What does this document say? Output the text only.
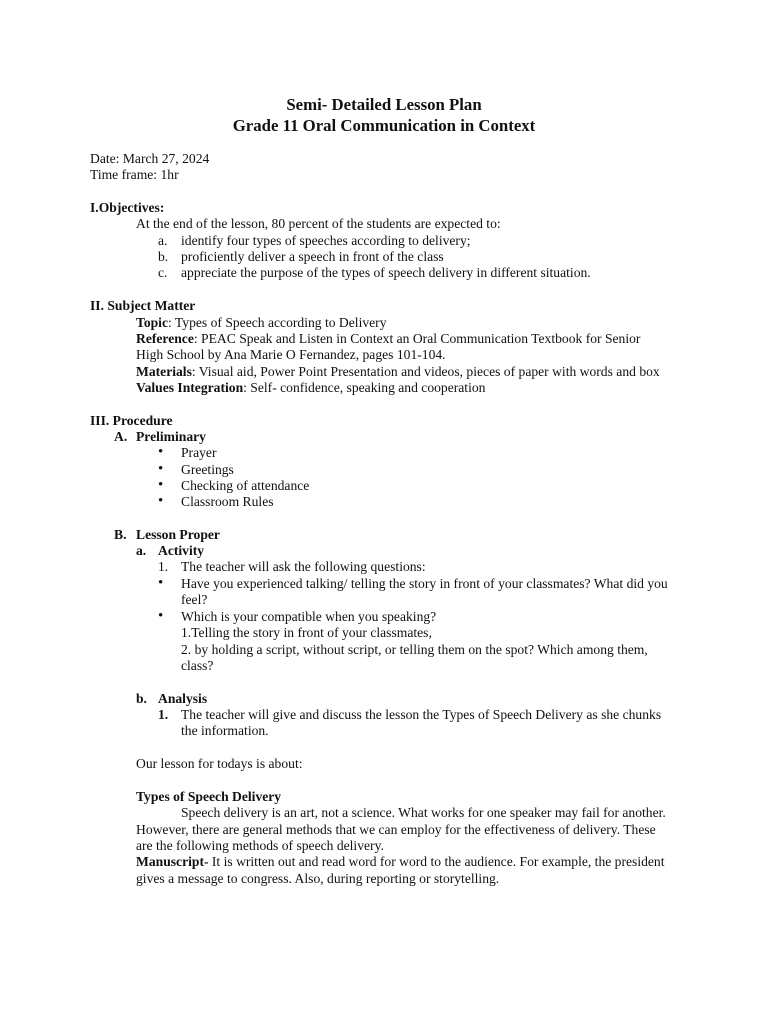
Semi- Detailed Lesson Plan
Grade 11 Oral Communication in Context
Date: March 27, 2024
Time frame: 1hr
I.Objectives:
At the end of the lesson, 80 percent of the students are expected to:
a. identify four types of speeches according to delivery;
b. proficiently deliver a speech in front of the class
c. appreciate the purpose of the types of speech delivery in different situation.
II. Subject Matter
Topic: Types of Speech according to Delivery
Reference: PEAC Speak and Listen in Context an Oral Communication Textbook for Senior
High School by Ana Marie O Fernandez, pages 101-104.
Materials: Visual aid, Power Point Presentation and videos, pieces of paper with words and box
Values Integration: Self- confidence, speaking and cooperation
III. Procedure
A. Preliminary
• Prayer
• Greetings
• Checking of attendance
• Classroom Rules
B. Lesson Proper
a. Activity
1. The teacher will ask the following questions:
• Have you experienced talking/ telling the story in front of your classmates? What did you
feel?
• Which is your compatible when you speaking?
1.Telling the story in front of your classmates,
2. by holding a script, without script, or telling them on the spot? Which among them,
class?
b. Analysis
1. The teacher will give and discuss the lesson the Types of Speech Delivery as she chunks
the information.
Our lesson for todays is about:
Types of Speech Delivery
Speech delivery is an art, not a science. What works for one speaker may fail for another.
However, there are general methods that we can employ for the effectiveness of delivery. These
are the following methods of speech delivery.
Manuscript- It is written out and read word for word to the audience. For example, the president
gives a message to congress. Also, during reporting or storytelling.
